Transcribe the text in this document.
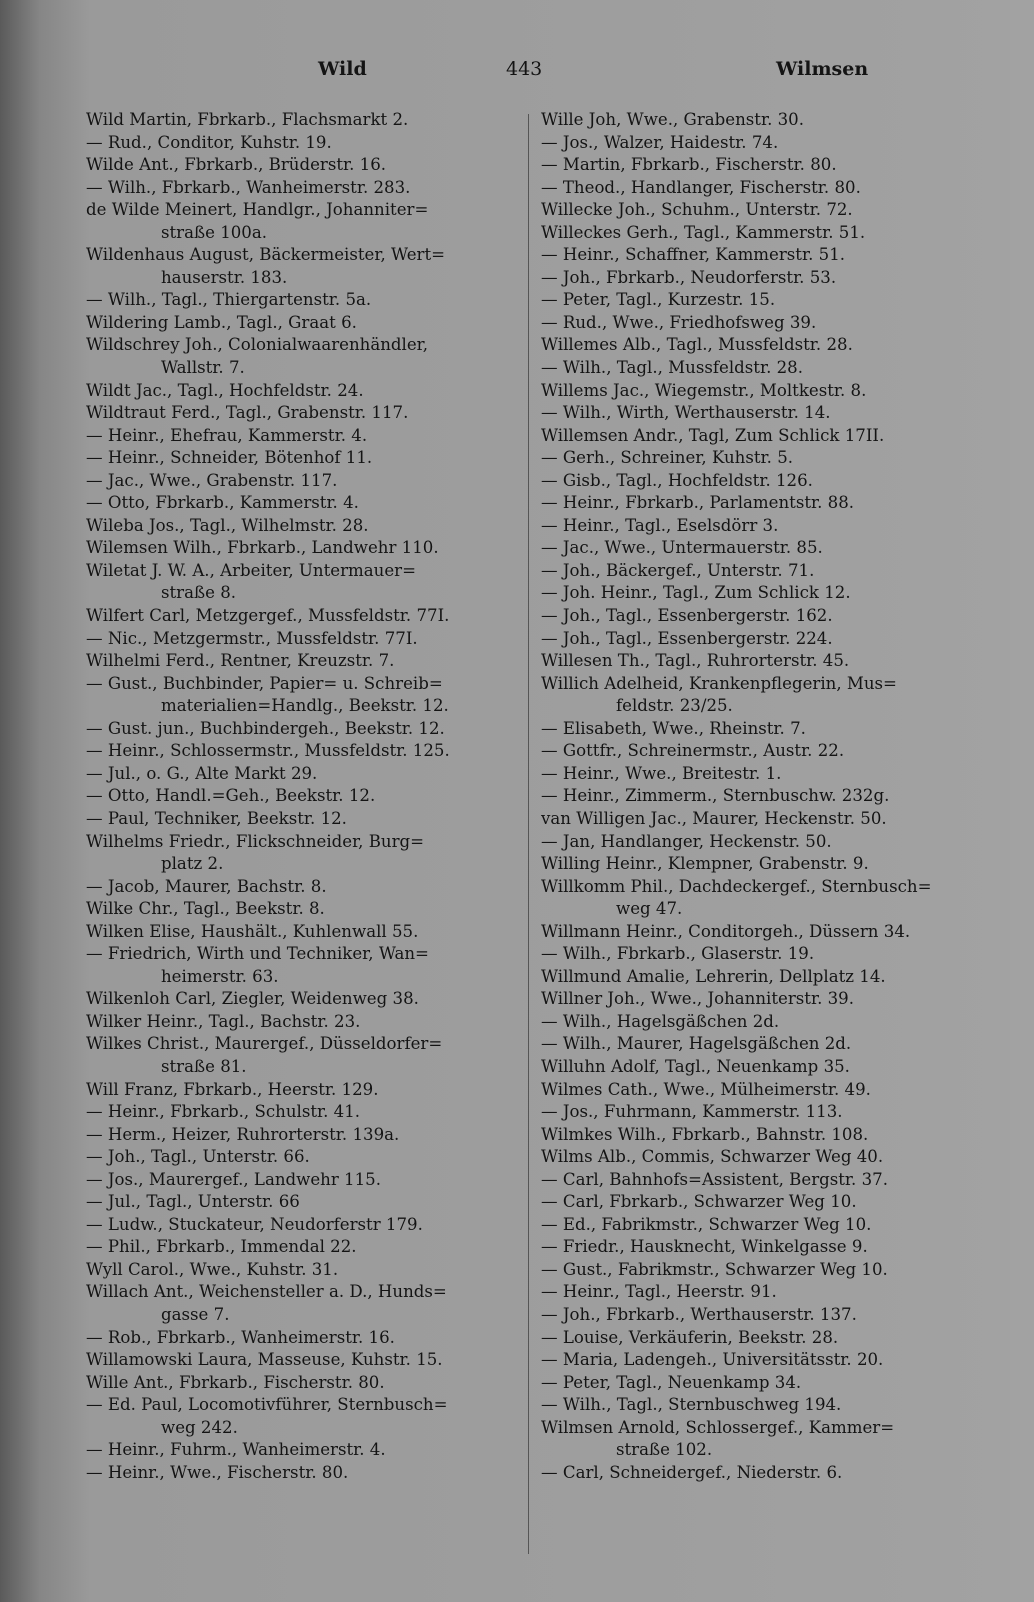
Wild	443	Wilmsen
Wild Martin, Fbrkarb., Flachsmarkt 2.
— Rud., Conditor, Kuhstr. 19.
Wilde Ant., Fbrkarb., Brüderstr. 16.
— Wilh., Fbrkarb., Wanheimerstr. 283.
de Wilde Meinert, Handlgr., Johanniter=
straße 100a.
Wildenhaus August, Bäckermeister, Wert=
hauserstr. 183.
— Wilh., Tagl., Thiergartenstr. 5a.
Wildering Lamb., Tagl., Graat 6.
Wildschrey Joh., Colonialwaarenhändler,
Wallstr. 7.
Wildt Jac., Tagl., Hochfeldstr. 24.
Wildtraut Ferd., Tagl., Grabenstr. 117.
— Heinr., Ehefrau, Kammerstr. 4.
— Heinr., Schneider, Bötenhof 11.
— Jac., Wwe., Grabenstr. 117.
— Otto, Fbrkarb., Kammerstr. 4.
Wileba Jos., Tagl., Wilhelmstr. 28.
Wilemsen Wilh., Fbrkarb., Landwehr 110.
Wiletat J. W. A., Arbeiter, Untermauer=
straße 8.
Wilfert Carl, Metzgergef., Mussfeldstr. 77I.
— Nic., Metzgermstr., Mussfeldstr. 77I.
Wilhelmi Ferd., Rentner, Kreuzstr. 7.
— Gust., Buchbinder, Papier= u. Schreib=
materialien=Handlg., Beekstr. 12.
— Gust. jun., Buchbindergeh., Beekstr. 12.
— Heinr., Schlossermstr., Mussfeldstr. 125.
— Jul., o. G., Alte Markt 29.
— Otto, Handl.=Geh., Beekstr. 12.
— Paul, Techniker, Beekstr. 12.
Wilhelms Friedr., Flickschneider, Burg=
platz 2.
— Jacob, Maurer, Bachstr. 8.
Wilke Chr., Tagl., Beekstr. 8.
Wilken Elise, Haushält., Kuhlenwall 55.
— Friedrich, Wirth und Techniker, Wan=
heimerstr. 63.
Wilkenloh Carl, Ziegler, Weidenweg 38.
Wilker Heinr., Tagl., Bachstr. 23.
Wilkes Christ., Maurergef., Düsseldorfer=
straße 81.
Will Franz, Fbrkarb., Heerstr. 129.
— Heinr., Fbrkarb., Schulstr. 41.
— Herm., Heizer, Ruhrorterstr. 139a.
— Joh., Tagl., Unterstr. 66.
— Jos., Maurergef., Landwehr 115.
— Jul., Tagl., Unterstr. 66
— Ludw., Stuckateur, Neudorferstr 179.
— Phil., Fbrkarb., Immendal 22.
Wyll Carol., Wwe., Kuhstr. 31.
Willach Ant., Weichensteller a. D., Hunds=
gasse 7.
— Rob., Fbrkarb., Wanheimerstr. 16.
Willamowski Laura, Masseuse, Kuhstr. 15.
Wille Ant., Fbrkarb., Fischerstr. 80.
— Ed. Paul, Locomotivführer, Sternbusch=
weg 242.
— Heinr., Fuhrm., Wanheimerstr. 4.
— Heinr., Wwe., Fischerstr. 80.
Wille Joh, Wwe., Grabenstr. 30.
— Jos., Walzer, Haidestr. 74.
— Martin, Fbrkarb., Fischerstr. 80.
— Theod., Handlanger, Fischerstr. 80.
Willecke Joh., Schuhm., Unterstr. 72.
Willeckes Gerh., Tagl., Kammerstr. 51.
— Heinr., Schaffner, Kammerstr. 51.
— Joh., Fbrkarb., Neudorferstr. 53.
— Peter, Tagl., Kurzestr. 15.
— Rud., Wwe., Friedhofsweg 39.
Willemes Alb., Tagl., Mussfeldstr. 28.
— Wilh., Tagl., Mussfeldstr. 28.
Willems Jac., Wiegemstr., Moltkestr. 8.
— Wilh., Wirth, Werthauserstr. 14.
Willemsen Andr., Tagl, Zum Schlick 17II.
— Gerh., Schreiner, Kuhstr. 5.
— Gisb., Tagl., Hochfeldstr. 126.
— Heinr., Fbrkarb., Parlamentstr. 88.
— Heinr., Tagl., Eselsdörr 3.
— Jac., Wwe., Untermauerstr. 85.
— Joh., Bäckergef., Unterstr. 71.
— Joh. Heinr., Tagl., Zum Schlick 12.
— Joh., Tagl., Essenbergerstr. 162.
— Joh., Tagl., Essenbergerstr. 224.
Willesen Th., Tagl., Ruhrorterstr. 45.
Willich Adelheid, Krankenpflegerin, Mus=
feldstr. 23/25.
— Elisabeth, Wwe., Rheinstr. 7.
— Gottfr., Schreinermstr., Austr. 22.
— Heinr., Wwe., Breitestr. 1.
— Heinr., Zimmerm., Sternbuschw. 232g.
van Willigen Jac., Maurer, Heckenstr. 50.
— Jan, Handlanger, Heckenstr. 50.
Willing Heinr., Klempner, Grabenstr. 9.
Willkomm Phil., Dachdeckergef., Sternbusch=
weg 47.
Willmann Heinr., Conditorgeh., Düssern 34.
— Wilh., Fbrkarb., Glaserstr. 19.
Willmund Amalie, Lehrerin, Dellplatz 14.
Willner Joh., Wwe., Johanniterstr. 39.
— Wilh., Hagelsgäßchen 2d.
— Wilh., Maurer, Hagelsgäßchen 2d.
Willuhn Adolf, Tagl., Neuenkamp 35.
Wilmes Cath., Wwe., Mülheimerstr. 49.
— Jos., Fuhrmann, Kammerstr. 113.
Wilmkes Wilh., Fbrkarb., Bahnstr. 108.
Wilms Alb., Commis, Schwarzer Weg 40.
— Carl, Bahnhofs=Assistent, Bergstr. 37.
— Carl, Fbrkarb., Schwarzer Weg 10.
— Ed., Fabrikmstr., Schwarzer Weg 10.
— Friedr., Hausknecht, Winkelgasse 9.
— Gust., Fabrikmstr., Schwarzer Weg 10.
— Heinr., Tagl., Heerstr. 91.
— Joh., Fbrkarb., Werthauserstr. 137.
— Louise, Verkäuferin, Beekstr. 28.
— Maria, Ladengeh., Universitätsstr. 20.
— Peter, Tagl., Neuenkamp 34.
— Wilh., Tagl., Sternbuschweg 194.
Wilmsen Arnold, Schlossergef., Kammer=
straße 102.
— Carl, Schneidergef., Niederstr. 6.
